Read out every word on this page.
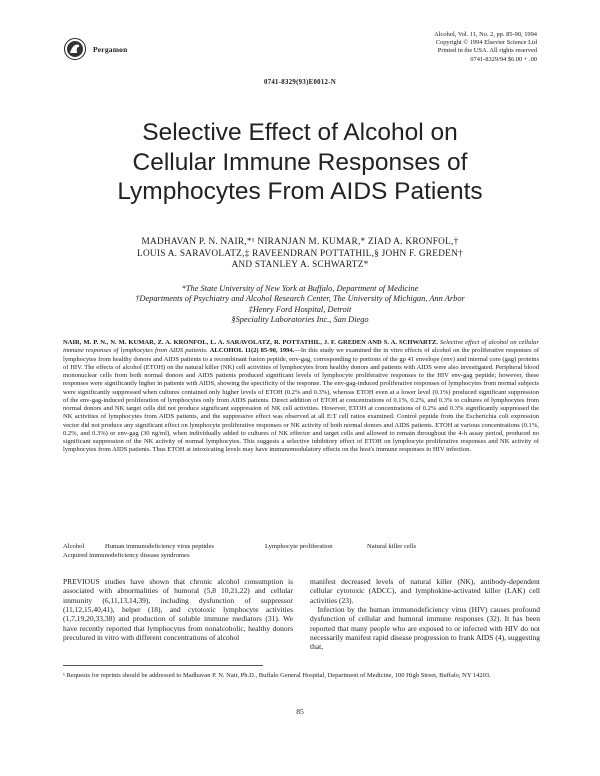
Pergamon
Alcohol, Vol. 11, No. 2, pp. 85-90, 1994
Copyright © 1994 Elsevier Science Ltd
Printed in the USA. All rights reserved
0741-8329/94 $6.00 + .00
0741-8329(93)E0012-N
Selective Effect of Alcohol on
Cellular Immune Responses of
Lymphocytes From AIDS Patients
MADHAVAN P. N. NAIR,*¹ NIRANJAN M. KUMAR,* ZIAD A. KRONFOL,†
LOUIS A. SARAVOLATZ,‡ RAVEENDRAN POTTATHIL,§ JOHN F. GREDEN†
AND STANLEY A. SCHWARTZ*
*The State University of New York at Buffalo, Department of Medicine
†Departments of Psychiatry and Alcohol Research Center, The University of Michigan, Ann Arbor
‡Henry Ford Hospital, Detroit
§Speciality Laboratories Inc., San Diego
NAIR, M. P. N., N. M. KUMAR, Z. A. KRONFOL, L. A. SARAVOLATZ, R. POTTATHIL, J. F. GREDEN AND S. A. SCHWARTZ. Selective effect of alcohol on cellular immune responses of lymphocytes from AIDS patients. ALCOHOL 11(2) 85-90, 1994.—In this study we examined the in vitro effects of alcohol on the proliferative responses of lymphocytes from healthy donors and AIDS patients to a recombinant fusion peptide, env-gag, corresponding to portions of the gp 41 envelope (env) and internal core (gag) proteins of HIV. The effects of alcohol (ETOH) on the natural killer (NK) cell activities of lymphocytes from healthy donors and patients with AIDS were also investigated. Peripheral blood mononuclear cells from both normal donors and AIDS patients produced significant levels of lymphocyte proliferative responses to the HIV env-gag peptide; however, these responses were significantly higher in patients with AIDS, showing the specificity of the response. The env-gag-induced proliferative responses of lymphocytes from normal subjects were significantly suppressed when cultures contained only higher levels of ETOH (0.2% and 0.3%), whereas ETOH even at a lower level (0.1%) produced significant suppression of the env-gag-induced proliferation of lymphocytes only from AIDS patients. Direct addition of ETOH at concentrations of 0.1%, 0.2%, and 0.3% to cultures of lymphocytes from normal donors and NK target cells did not produce significant suppression of NK cell activities. However, ETOH at concentrations of 0.2% and 0.3% significantly suppressed the NK activities of lymphocytes from AIDS patients, and the suppressive effect was observed at all E:T cell ratios examined. Control peptide from the Escherichia coli expression vector did not produce any significant effect on lymphocyte proliferative responses or NK activity of both normal donors and AIDS patients. ETOH at various concentrations (0.1%, 0.2%, and 0.3%) or env-gag (30 ng/ml), when individually added to cultures of NK effector and target cells and allowed to remain throughout the 4-h assay period, produced no significant suppression of the NK activity of normal lymphocytes. This suggests a selective inhibitory effect of ETOH on lymphocyte proliferative responses and NK activity of lymphocytes from AIDS patients. Thus ETOH at intoxicating levels may have immunomodulatory effects on the host's immune responses to HIV infection.
Alcohol	Human immunodeficiency virus peptides	Lymphocyte proliferation	Natural killer cells
Acquired immunodeficiency disease syndromes
PREVIOUS studies have shown that chronic alcohol consumption is associated with abnormalities of humoral (5,8 10,21,22) and cellular immunity (6,11,13,14,39), including dysfunction of suppressor (11,12,15,40,41), helper (18), and cytotoxic lymphocyte activities (1,7,19,20,33,38) and production of soluble immune mediators (31). We have recently reported that lymphocytes from nonalcoholic, healthy donors preculured in vitro with different concentrations of alcohol
manifest decreased levels of natural killer (NK), antibody-dependent cellular cytotoxic (ADCC), and lymphokine-activated killer (LAK) cell activities (23).
 Infection by the human immunodeficiency virus (HIV) causes profound dysfunction of cellular and humoral immune responses (32). It has been reported that many people who are exposed to or infected with HIV do not necessarily manifest rapid disease progression to frank AIDS (4), suggesting that,
¹ Requests for reprints should be addressed to Madhavan P. N. Nair, Ph.D., Buffalo General Hospital, Department of Medicine, 100 High Street, Buffalo, NY 14203.
85
